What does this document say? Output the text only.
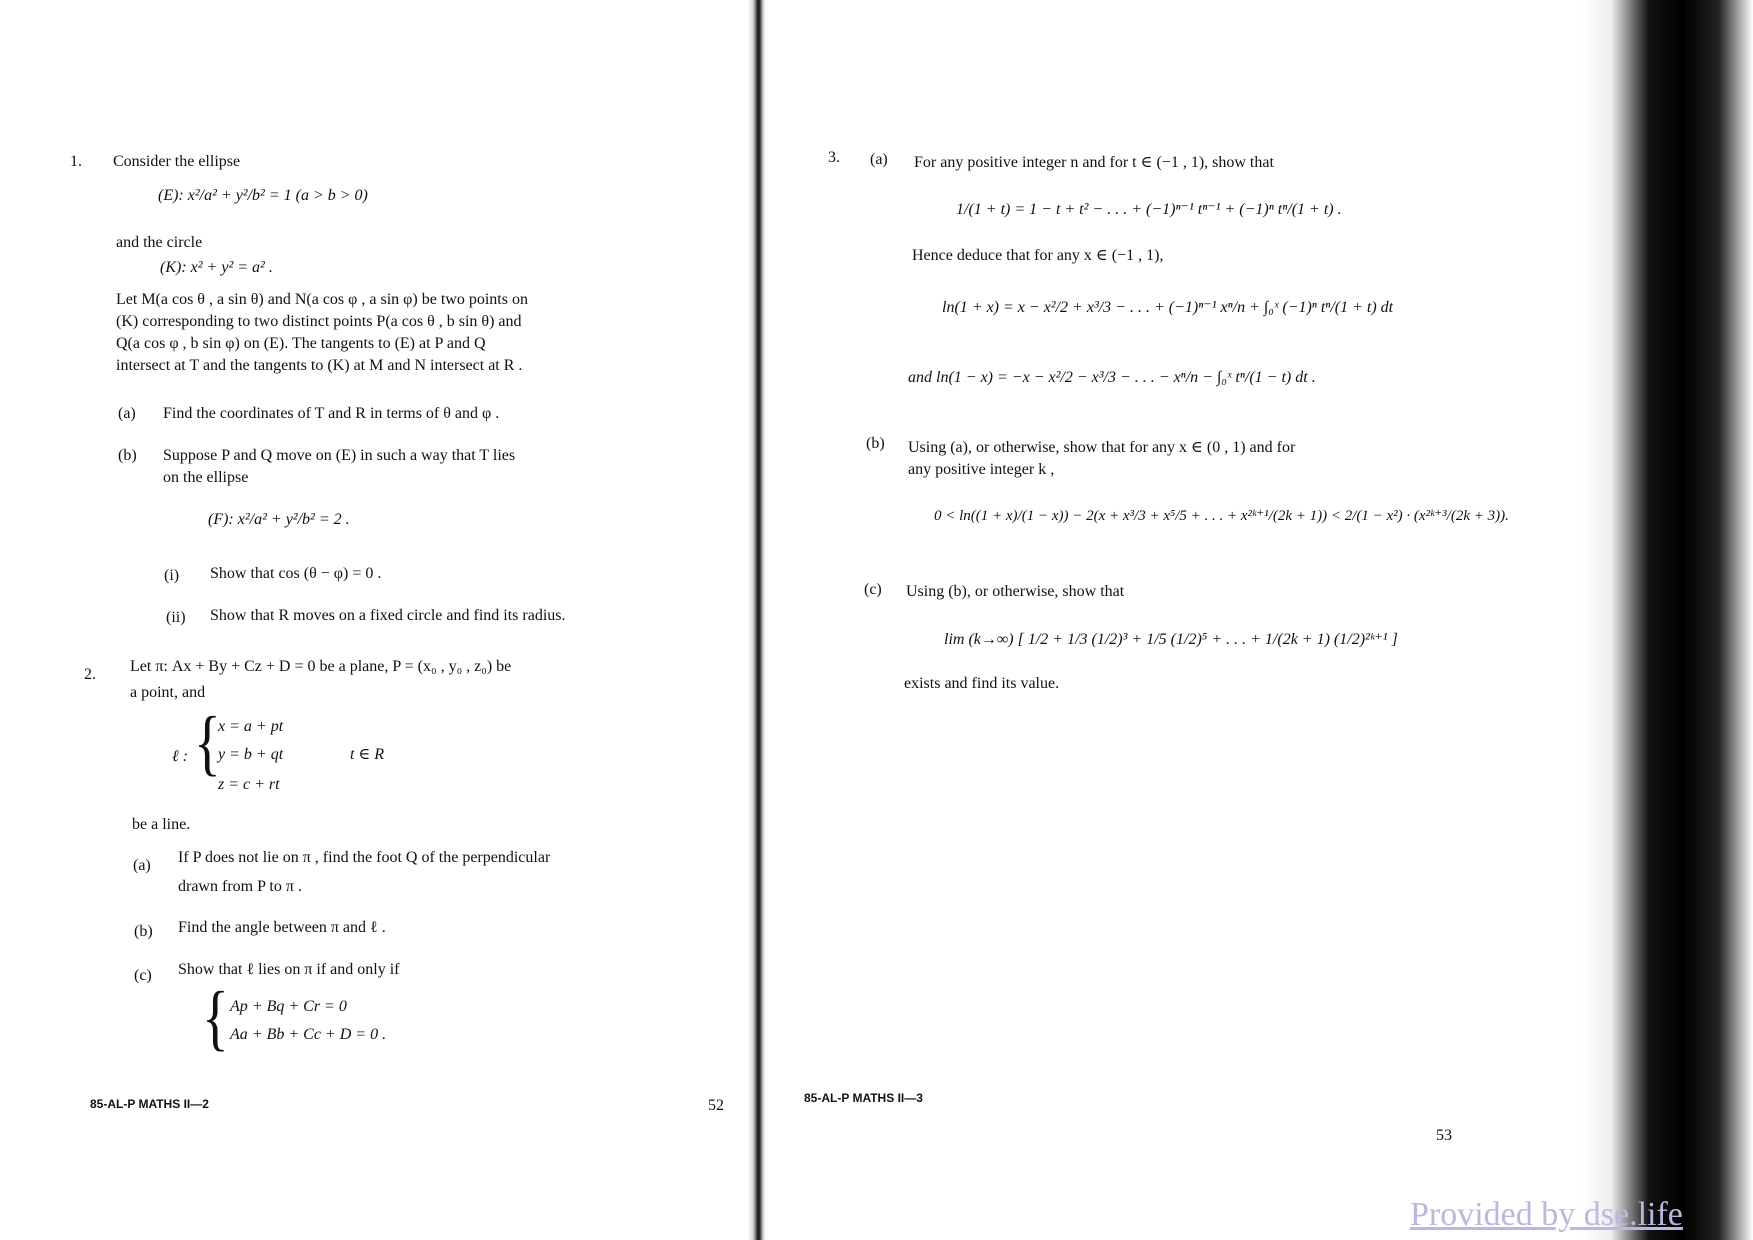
1. Consider the ellipse
(E): x²/a² + y²/b² = 1 (a > b > 0)
and the circle
(K): x² + y² = a² .
Let M(a cos θ , a sin θ) and N(a cos φ , a sin φ) be two points on
(K) corresponding to two distinct points P(a cos θ , b sin θ) and
Q(a cos φ , b sin φ) on (E). The tangents to (E) at P and Q
intersect at T and the tangents to (K) at M and N intersect at R .
(a) Find the coordinates of T and R in terms of θ and φ .
(b) Suppose P and Q move on (E) in such a way that T lies
on the ellipse
(F): x²/a² + y²/b² = 2 .
(i) Show that cos (θ − φ) = 0 .
(ii) Show that R moves on a fixed circle and find its radius.
2. Let π: Ax + By + Cz + D = 0 be a plane, P = (x₀ , y₀ , z₀) be
a point, and
ℓ : {
x = a + pt
y = b + qt
z = c + rt
t ∈ R
be a line.
(a) If P does not lie on π , find the foot Q of the perpendicular
drawn from P to π .
(b) Find the angle between π and ℓ .
(c) Show that ℓ lies on π if and only if
{ Ap + Bq + Cr = 0
Aa + Bb + Cc + D = 0 .
85-AL-P MATHS II—2	52
3. (a) For any positive integer n and for t ∈ (−1 , 1), show that
1/(1 + t) = 1 − t + t² − . . . + (−1)ⁿ⁻¹ tⁿ⁻¹ + (−1)ⁿ tⁿ/(1 + t) .
Hence deduce that for any x ∈ (−1 , 1),
ln(1 + x) = x − x²/2 + x³/3 − . . . + (−1)ⁿ⁻¹ xⁿ/n + ∫₀ˣ (−1)ⁿ tⁿ/(1 + t) dt
and ln(1 − x) = −x − x²/2 − x³/3 − . . . − xⁿ/n − ∫₀ˣ tⁿ/(1 − t) dt .
(b) Using (a), or otherwise, show that for any x ∈ (0 , 1) and for
any positive integer k ,
0 < ln((1 + x)/(1 − x)) − 2(x + x³/3 + x⁵/5 + . . . + x²ᵏ⁺¹/(2k + 1)) < 2/(1 − x²) · (x²ᵏ⁺³/(2k + 3)).
(c) Using (b), or otherwise, show that
lim (k→∞) [ 1/2 + 1/3 (1/2)³ + 1/5 (1/2)⁵ + . . . + 1/(2k + 1) (1/2)²ᵏ⁺¹ ]
exists and find its value.
85-AL-P MATHS II—3
53
Provided by dse.life
